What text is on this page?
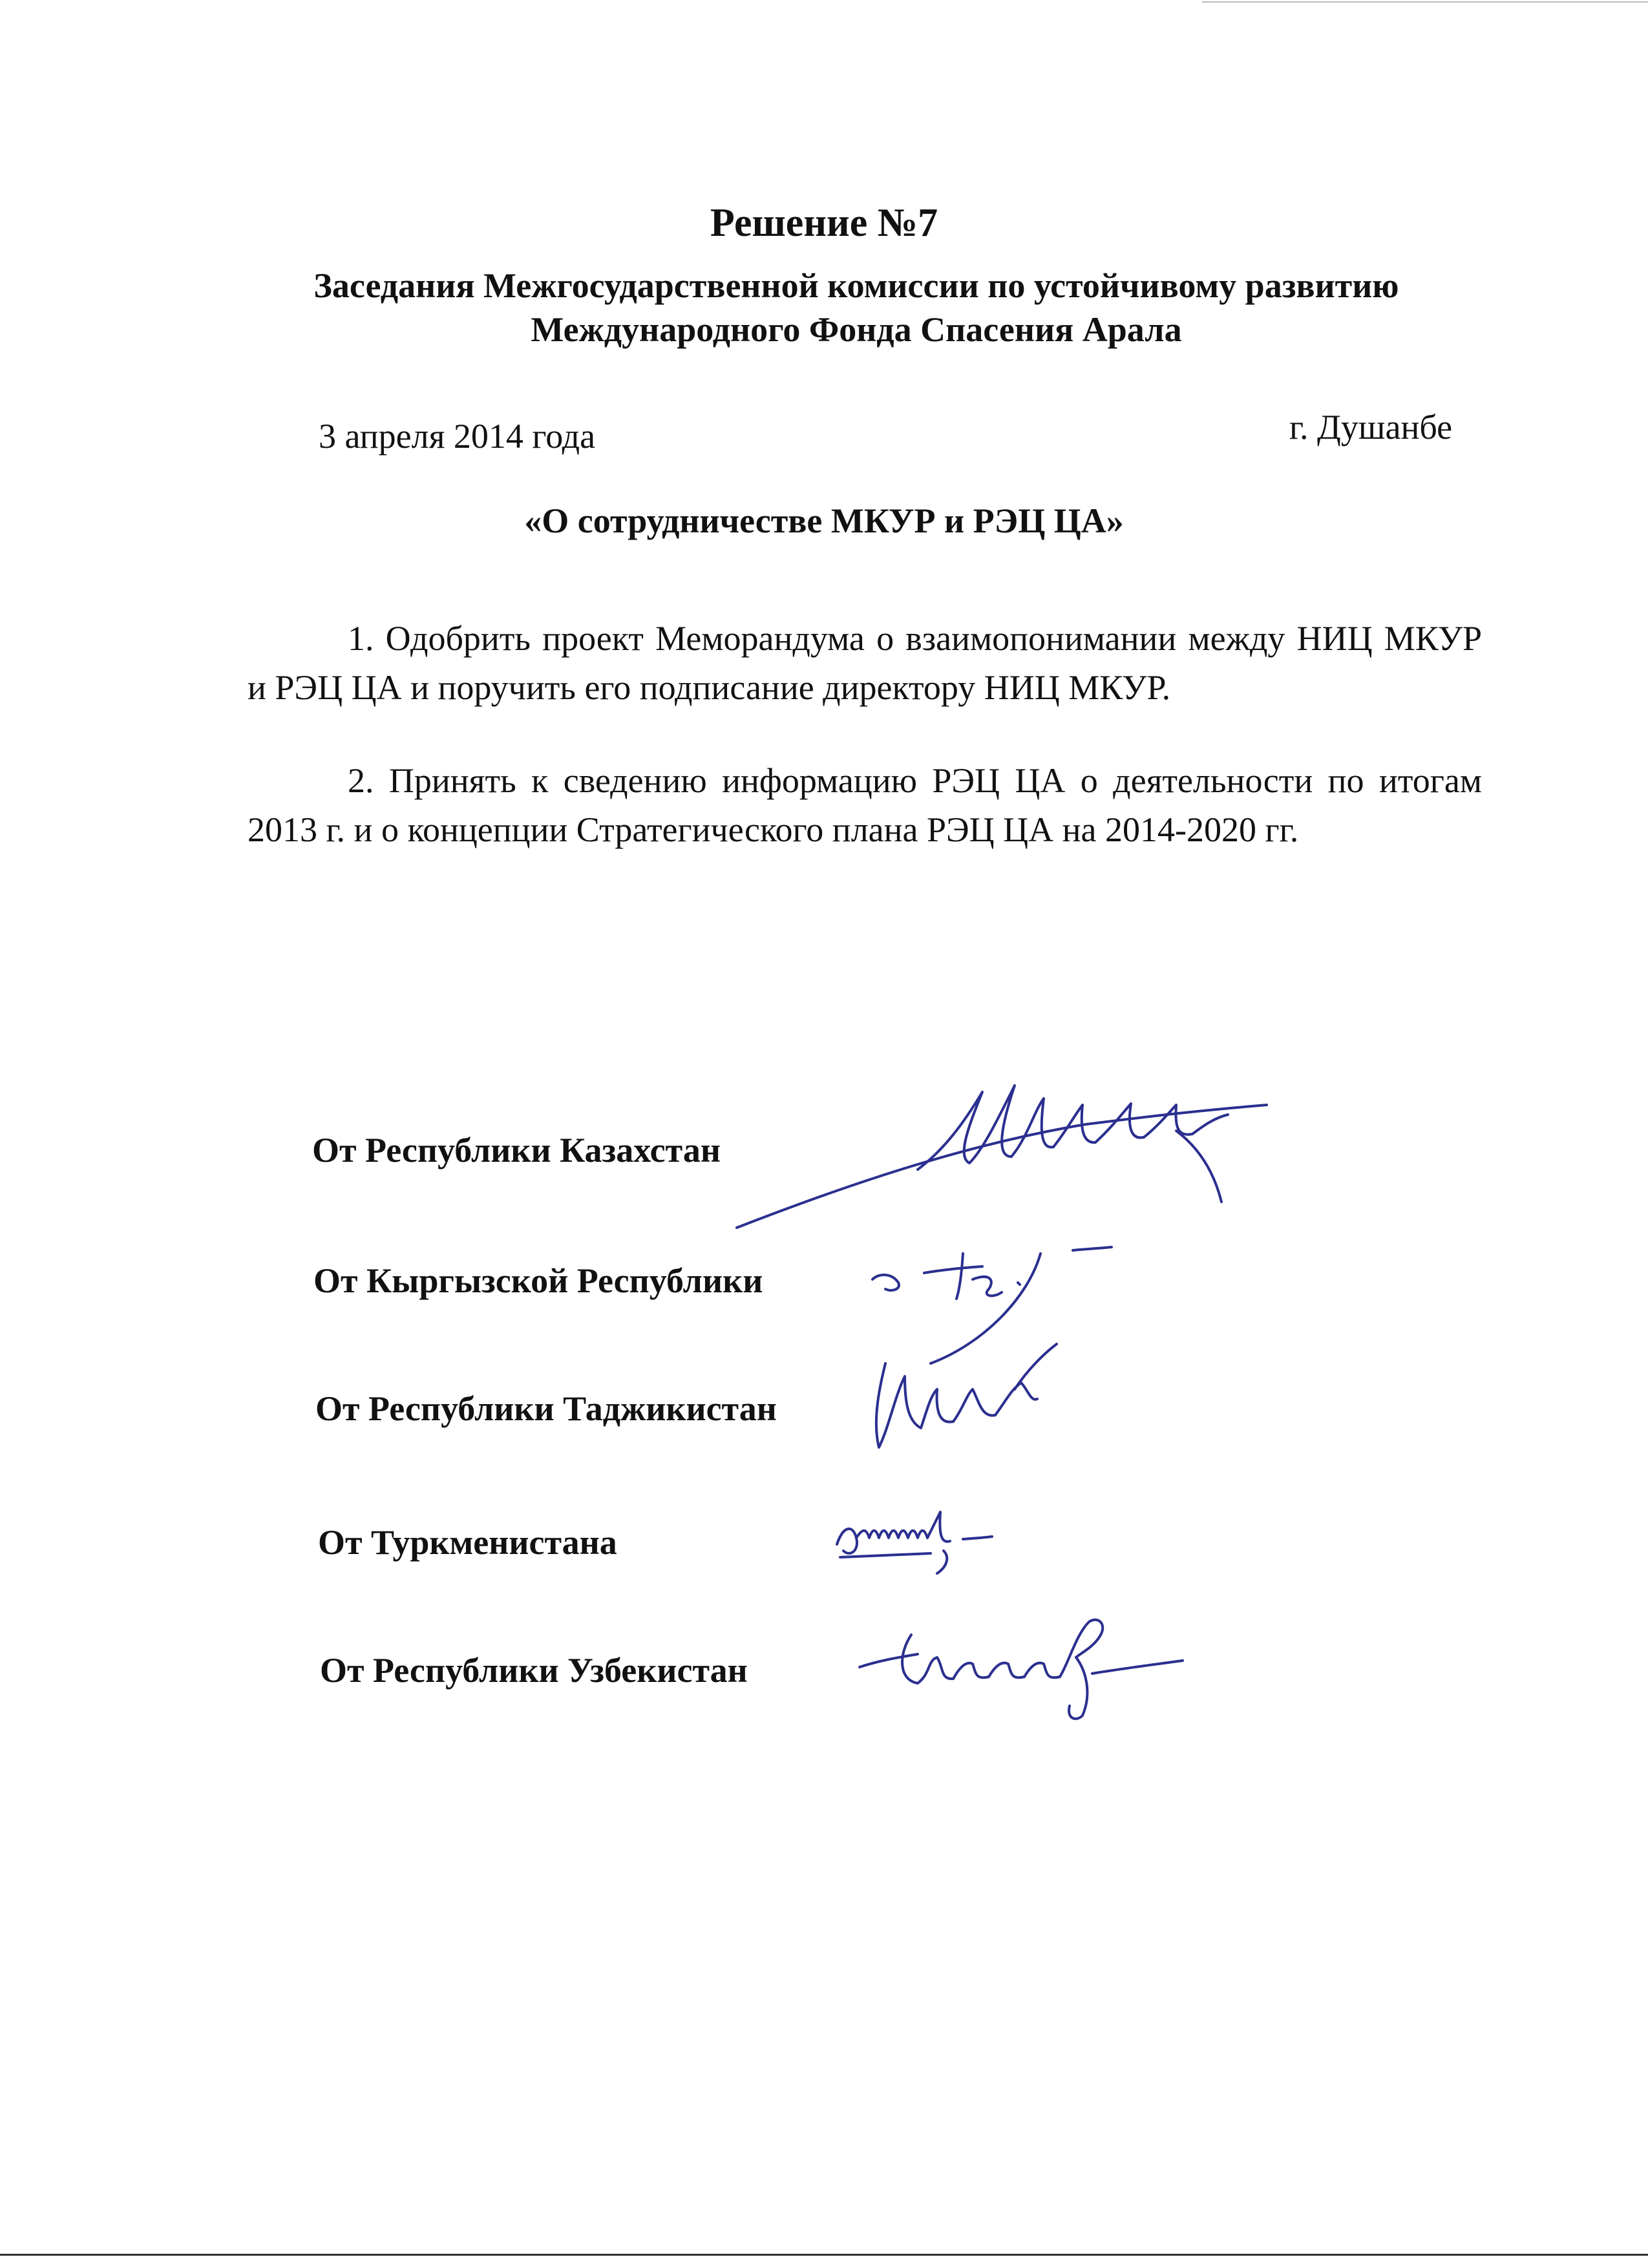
Решение №7
Заседания Межгосударственной комиссии по устойчивому развитию
Международного Фонда Спасения Арала
3 апреля 2014 года	г. Душанбе
«О сотрудничестве МКУР и РЭЦ ЦА»
1. Одобрить проект Меморандума о взаимопонимании между НИЦ МКУР и РЭЦ ЦА и поручить его подписание директору НИЦ МКУР.
2. Принять к сведению информацию РЭЦ ЦА о деятельности по итогам 2013 г. и о концепции Стратегического плана РЭЦ ЦА на 2014-2020 гг.
От Республики Казахстан
От Кыргызской Республики
От Республики Таджикистан
От Туркменистана
От Республики Узбекистан
